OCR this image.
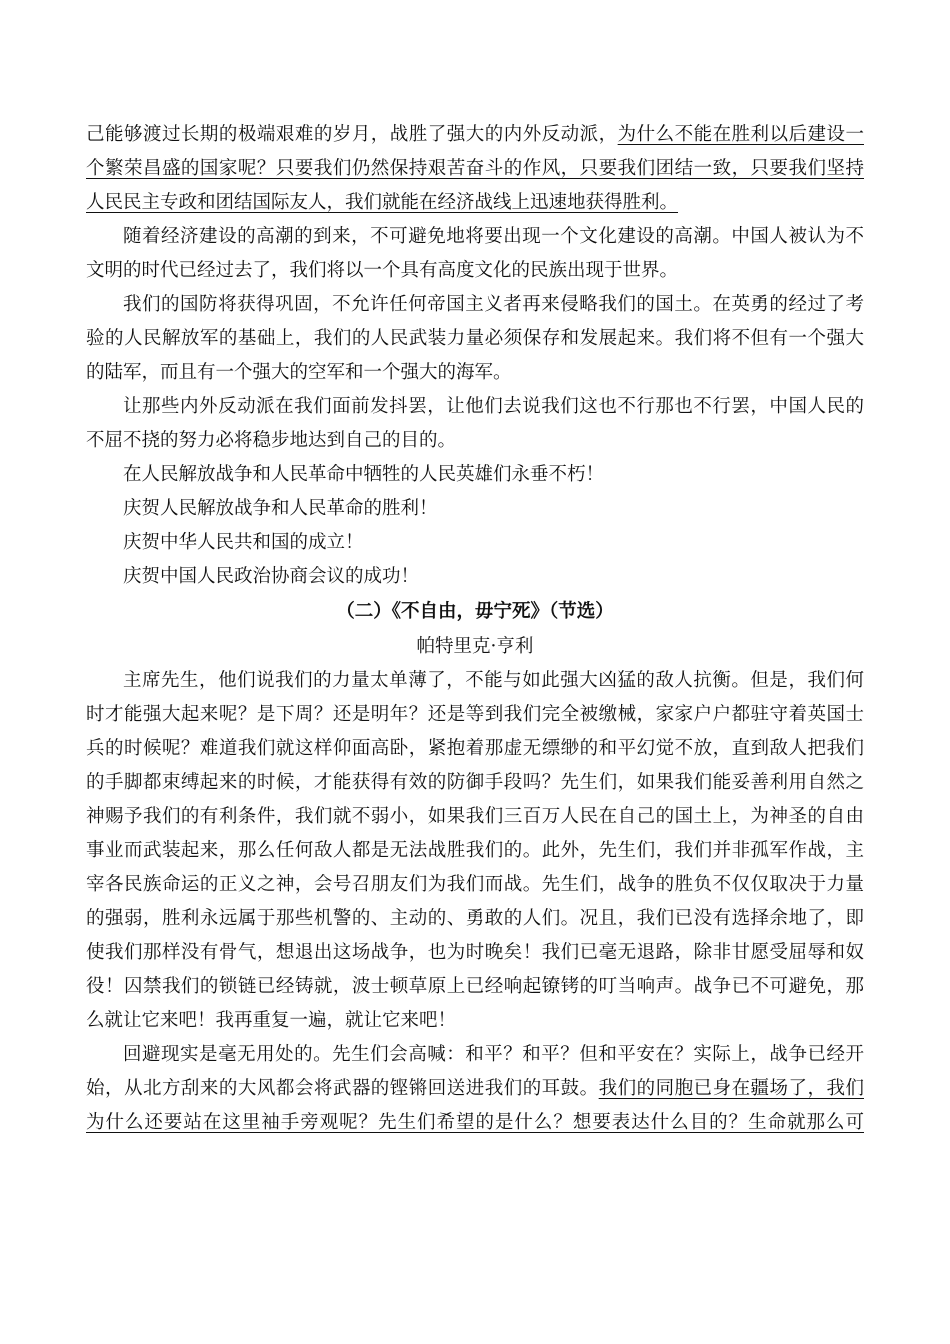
己能够渡过长期的极端艰难的岁月，战胜了强大的内外反动派，为什么不能在胜利以后建设一
个繁荣昌盛的国家呢？只要我们仍然保持艰苦奋斗的作风，只要我们团结一致，只要我们坚持
人民民主专政和团结国际友人，我们就能在经济战线上迅速地获得胜利。
随着经济建设的高潮的到来，不可避免地将要出现一个文化建设的高潮。中国人被认为不
文明的时代已经过去了，我们将以一个具有高度文化的民族出现于世界。
我们的国防将获得巩固，不允许任何帝国主义者再来侵略我们的国土。在英勇的经过了考
验的人民解放军的基础上，我们的人民武装力量必须保存和发展起来。我们将不但有一个强大
的陆军，而且有一个强大的空军和一个强大的海军。
让那些内外反动派在我们面前发抖罢，让他们去说我们这也不行那也不行罢，中国人民的
不屈不挠的努力必将稳步地达到自己的目的。
在人民解放战争和人民革命中牺牲的人民英雄们永垂不朽！
庆贺人民解放战争和人民革命的胜利！
庆贺中华人民共和国的成立！
庆贺中国人民政治协商会议的成功！
（二）《不自由，毋宁死》（节选）
帕特里克·亨利
主席先生，他们说我们的力量太单薄了，不能与如此强大凶猛的敌人抗衡。但是，我们何
时才能强大起来呢？是下周？还是明年？还是等到我们完全被缴械，家家户户都驻守着英国士
兵的时候呢？难道我们就这样仰面高卧，紧抱着那虚无缥缈的和平幻觉不放，直到敌人把我们
的手脚都束缚起来的时候，才能获得有效的防御手段吗？先生们，如果我们能妥善利用自然之
神赐予我们的有利条件，我们就不弱小，如果我们三百万人民在自己的国土上，为神圣的自由
事业而武装起来，那么任何敌人都是无法战胜我们的。此外，先生们，我们并非孤军作战，主
宰各民族命运的正义之神，会号召朋友们为我们而战。先生们，战争的胜负不仅仅取决于力量
的强弱，胜利永远属于那些机警的、主动的、勇敢的人们。况且，我们已没有选择余地了，即
使我们那样没有骨气，想退出这场战争，也为时晚矣！我们已毫无退路，除非甘愿受屈辱和奴
役！囚禁我们的锁链已经铸就，波士顿草原上已经响起镣铐的叮当响声。战争已不可避免，那
么就让它来吧！我再重复一遍，就让它来吧！
回避现实是毫无用处的。先生们会高喊：和平？和平？但和平安在？实际上，战争已经开
始，从北方刮来的大风都会将武器的铿锵回送进我们的耳鼓。我们的同胞已身在疆场了，我们
为什么还要站在这里袖手旁观呢？先生们希望的是什么？想要表达什么目的？生命就那么可
